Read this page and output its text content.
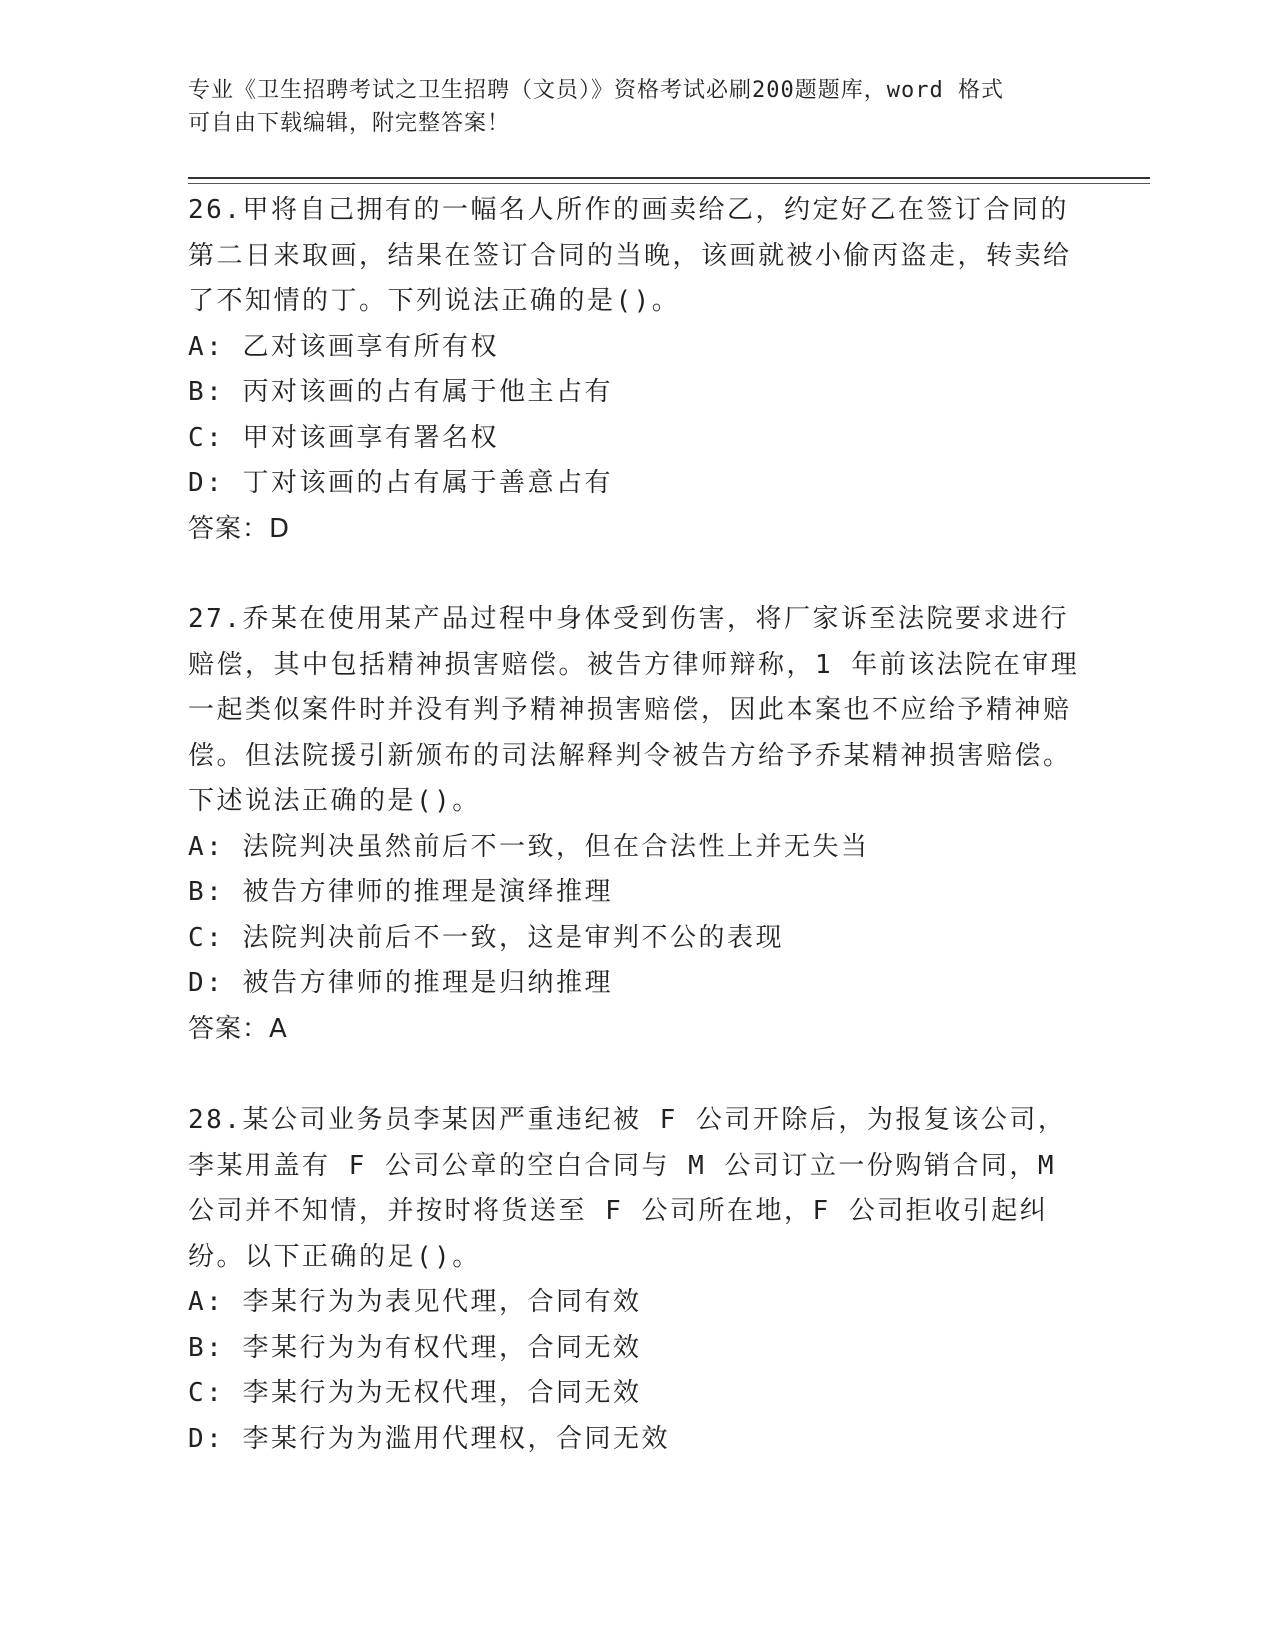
专业《卫生招聘考试之卫生招聘（文员）》资格考试必刷200题题库，word 格式
可自由下载编辑，附完整答案！

26.甲将自己拥有的一幅名人所作的画卖给乙，约定好乙在签订合同的第二日来取画，结果在签订合同的当晚，该画就被小偷丙盗走，转卖给了不知情的丁。下列说法正确的是()。

A: 乙对该画享有所有权

B: 丙对该画的占有属于他主占有

C: 甲对该画享有署名权

D: 丁对该画的占有属于善意占有

答案：D

27.乔某在使用某产品过程中身体受到伤害，将厂家诉至法院要求进行赔偿，其中包括精神损害赔偿。被告方律师辩称，1 年前该法院在审理一起类似案件时并没有判予精神损害赔偿，因此本案也不应给予精神赔偿。但法院援引新颁布的司法解释判令被告方给予乔某精神损害赔偿。下述说法正确的是()。

A: 法院判决虽然前后不一致，但在合法性上并无失当

B: 被告方律师的推理是演绎推理

C: 法院判决前后不一致，这是审判不公的表现

D: 被告方律师的推理是归纳推理

答案：A

28.某公司业务员李某因严重违纪被 F 公司开除后，为报复该公司，李某用盖有 F 公司公章的空白合同与 M 公司订立一份购销合同，M 公司并不知情，并按时将货送至 F 公司所在地，F 公司拒收引起纠纷。以下正确的足()。

A: 李某行为为表见代理，合同有效

B: 李某行为为有权代理，合同无效

C: 李某行为为无权代理，合同无效

D: 李某行为为滥用代理权，合同无效
